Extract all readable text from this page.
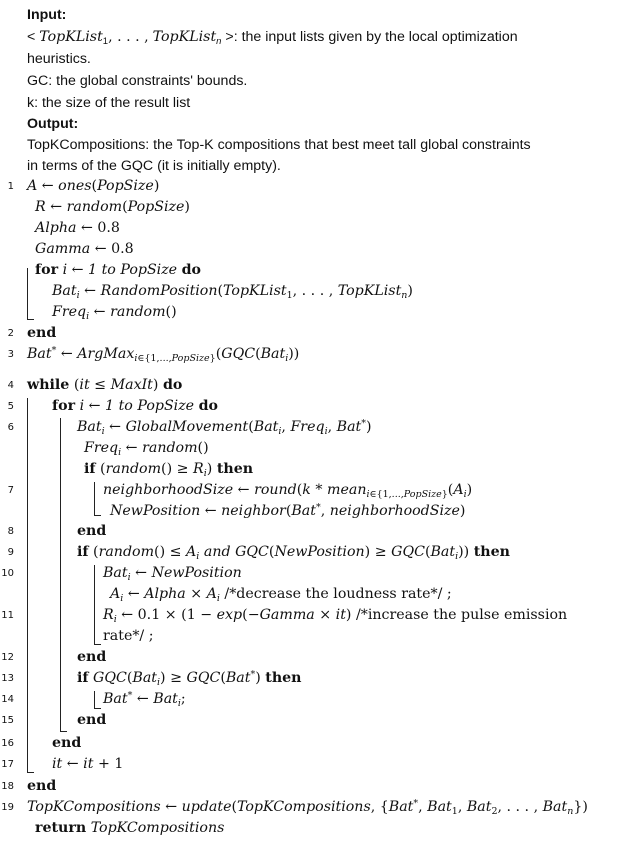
Input:
< TopKList$_1$, . . . , TopKList$_n$ >: the input lists given by the local optimization
heuristics.
GC: the global constraints' bounds.
k: the size of the result list
Output:
TopKCompositions: the Top-K compositions that best meet tall global constraints
in terms of the GQC (it is initially empty).
1 A ← ones(PopSize)
R ← random(PopSize)
Alpha ← 0.8
Gamma ← 0.8
for i ← 1 to PopSize do
Bat$_i$ ← RandomPosition(TopKList$_1$, . . . , TopKList$_n$)
Freq$_i$ ← random()
2 end
3 Bat* ← ArgMax$_{i\in\{1,...,PopSize\}}$(GQC(Bat$_i$))
4 while (it ≤ MaxIt) do
5	for i ← 1 to PopSize do
6	Bat$_i$ ← GlobalMovement(Bat$_i$, Freq$_i$, Bat*)
Freq$_i$ ← random()
if (random() ≥ $R_i$) then
7	neighborhoodSize ← round(k * $mean_{i\in\{1,...,PopSize\}}(A_i)$
NewPosition ← neighbor(Bat*, neighborhoodSize)
8	end
9	if (random() ≤ $A_i$ and GQC(NewPosition) ≥ GQC(Bat$_i$)) then
10	Bat$_i$ ← NewPosition
$A_i$ ← Alpha × $A_i$ /*decrease the loudness rate*/ ;
11	$R_i$ ← 0.1 × (1 − exp(−Gamma × it) /*increase the pulse emission
rate*/ ;
12	end
13	if GQC(Bat$_i$) ≥ GQC(Bat*) then
14	Bat* ← Bat$_i$;
15	end
16	end
17	it ← it + 1
18 end
19 TopKCompositions ← update(TopKCompositions, {Bat*, Bat$_1$, Bat$_2$, . . . , Bat$_n$})
return TopKCompositions
